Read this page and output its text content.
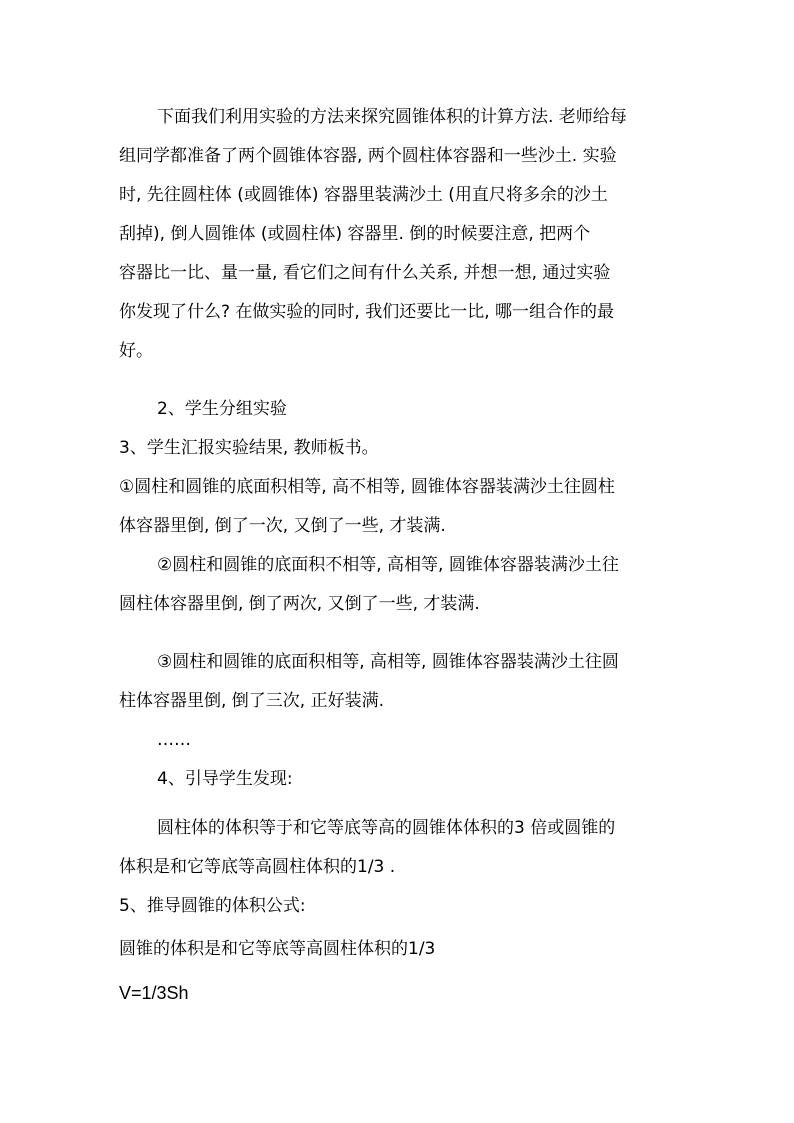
下面我们利用实验的方法来探究圆锥体积的计算方法. 老师给每
组同学都准备了两个圆锥体容器, 两个圆柱体容器和一些沙土. 实验
时, 先往圆柱体 (或圆锥体) 容器里装满沙土 (用直尺将多余的沙土
刮掉), 倒人圆锥体 (或圆柱体) 容器里. 倒的时候要注意, 把两个
容器比一比、量一量, 看它们之间有什么关系, 并想一想, 通过实验
你发现了什么? 在做实验的同时, 我们还要比一比, 哪一组合作的最
好。
2、学生分组实验
3、学生汇报实验结果, 教师板书。
①圆柱和圆锥的底面积相等, 高不相等, 圆锥体容器装满沙土往圆柱
体容器里倒, 倒了一次, 又倒了一些, 才装满.
②圆柱和圆锥的底面积不相等, 高相等, 圆锥体容器装满沙土往
圆柱体容器里倒, 倒了两次, 又倒了一些, 才装满.
③圆柱和圆锥的底面积相等, 高相等, 圆锥体容器装满沙土往圆
柱体容器里倒, 倒了三次, 正好装满.
……
4、引导学生发现:
圆柱体的体积等于和它等底等高的圆锥体体积的3 倍或圆锥的
体积是和它等底等高圆柱体积的1/3 .
5、推导圆锥的体积公式:
圆锥的体积是和它等底等高圆柱体积的1/3
V=1/3Sh
